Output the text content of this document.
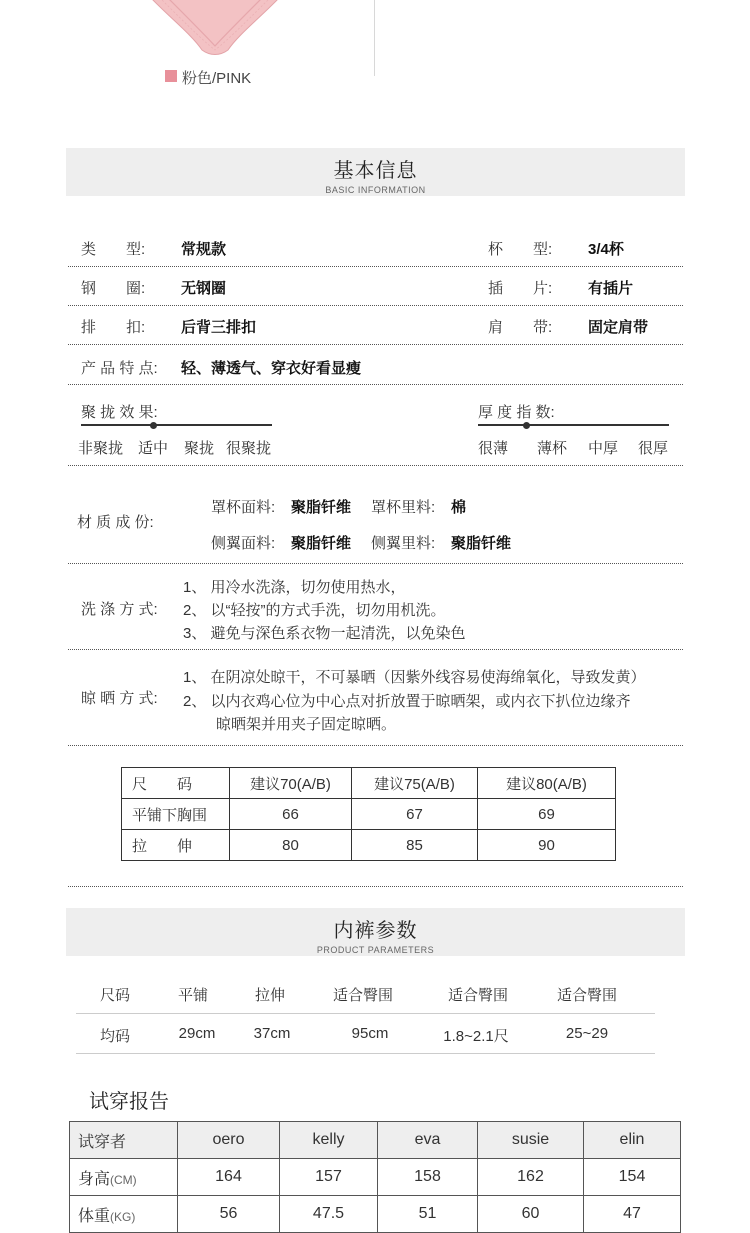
粉色/PINK
基本信息
BASIC INFORMATION
类　　型: 常规款	杯　　型: 3/4杯
钢　　圈: 无钢圈	插　　片: 有插片
排　　扣: 后背三排扣	肩　　带: 固定肩带
产 品 特 点: 轻、薄透气、穿衣好看显瘦
聚 拢 效 果:
非聚拢 适中 聚拢 很聚拢
厚 度 指 数:
很薄 薄杯 中厚 很厚
材 质 成 份:
罩杯面料: 聚脂钎维 罩杯里料: 棉
侧翼面料: 聚脂钎维 侧翼里料: 聚脂钎维
洗 涤 方 式:
1、 用冷水洗涤，切勿使用热水，
2、 以“轻按”的方式手洗，切勿用机洗。
3、 避免与深色系衣物一起清洗，以免染色
晾 晒 方 式:
1、 在阴凉处晾干，不可暴晒（因紫外线容易使海绵氧化，导致发黄）
2、 以内衣鸡心位为中心点对折放置于晾晒架，或内衣下扒位边缘齐
晾晒架并用夹子固定晾晒。
尺　　码	建议70(A/B)	建议75(A/B)	建议80(A/B)
平铺下胸围	66	67	69
拉　　伸	80	85	90
内裤参数
PRODUCT PARAMETERS
尺码	平铺	拉伸	适合臀围	适合臀围	适合臀围
均码	29cm	37cm	95cm	1.8~2.1尺	25~29
试穿报告
试穿者	oero	kelly	eva	susie	elin
身高(CM)	164	157	158	162	154
体重(KG)	56	47.5	51	60	47
